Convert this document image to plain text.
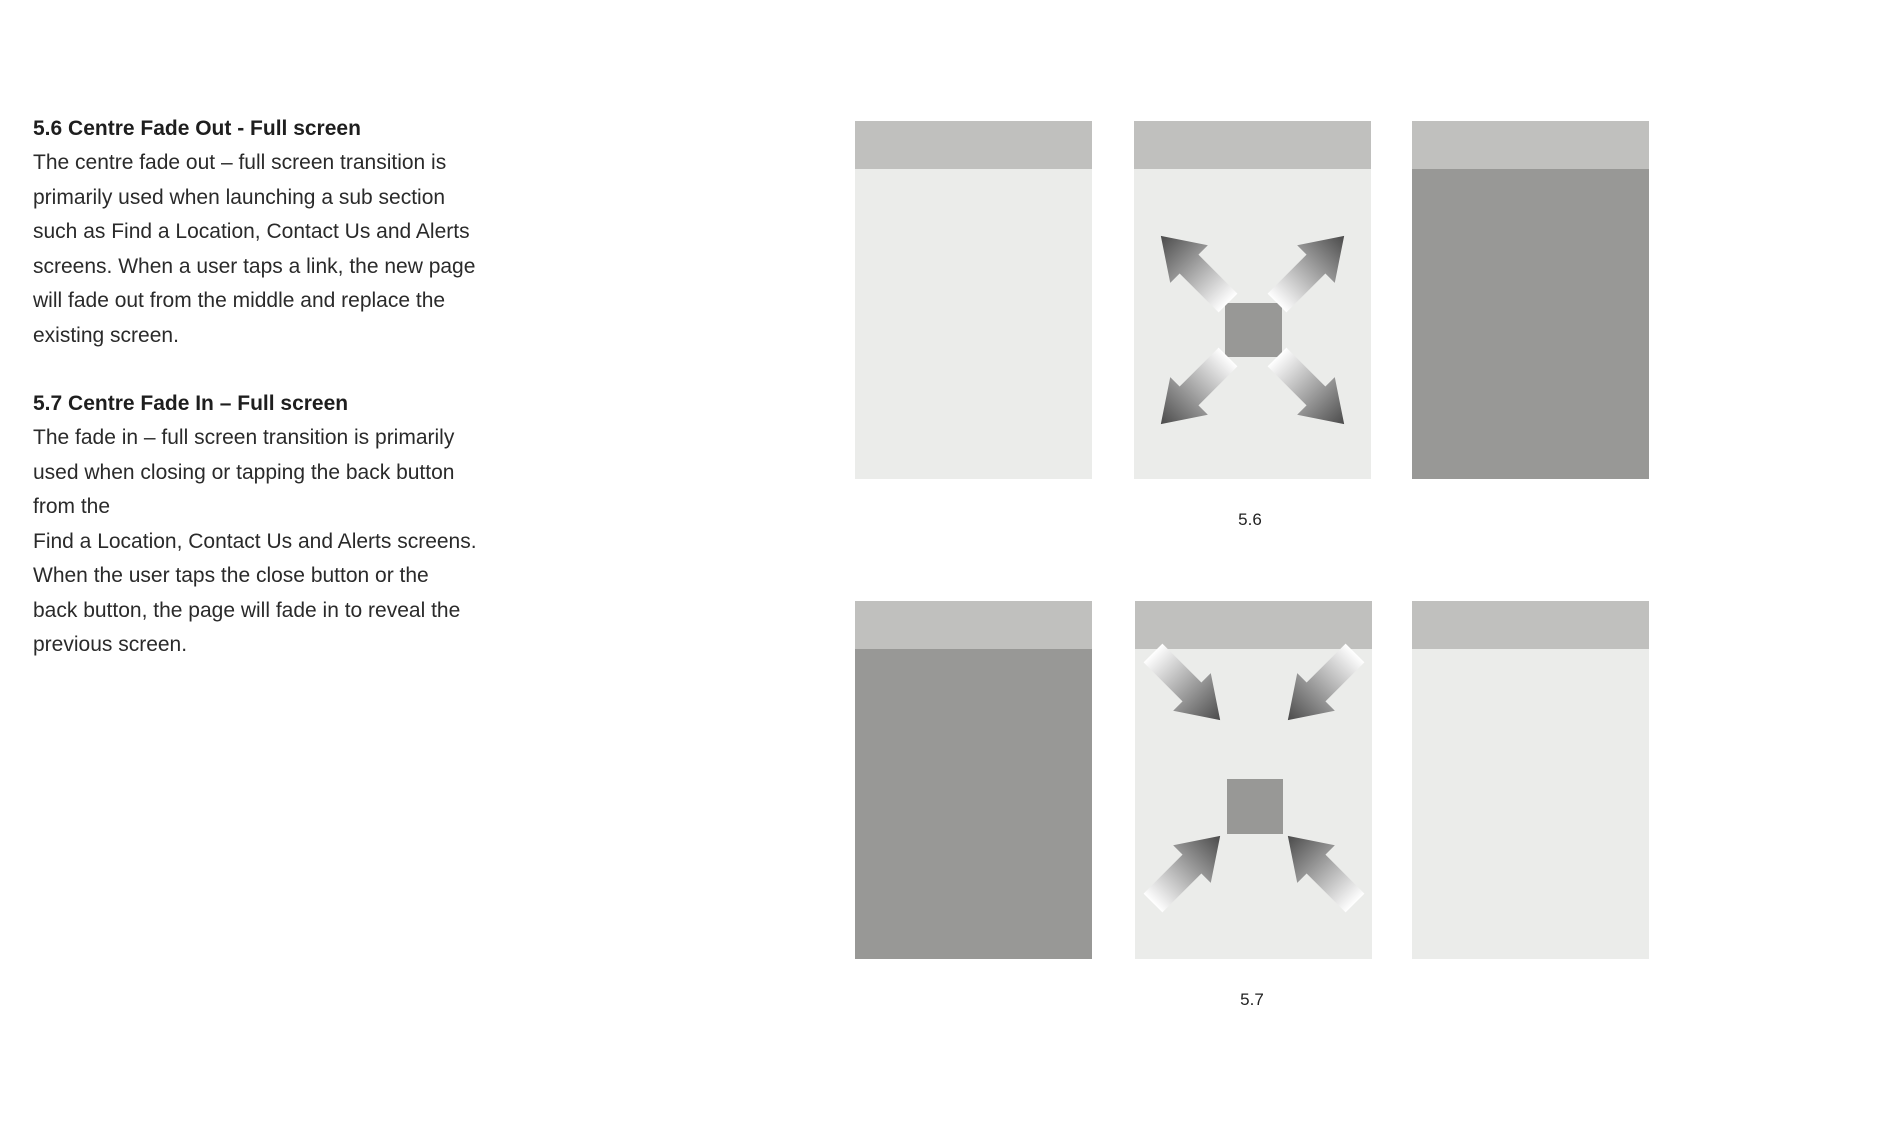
5.6 Centre Fade Out - Full screen

The centre fade out – full screen transition is
primarily used when launching a sub section
such as Find a Location, Contact Us and Alerts
screens. When a user taps a link, the new page
will fade out from the middle and replace the
existing screen.

5.7 Centre Fade In – Full screen

The fade in – full screen transition is primarily
used when closing or tapping the back button
from the
Find a Location, Contact Us and Alerts screens.
When the user taps the close button or the
back button, the page will fade in to reveal the
previous screen.

5.6
5.7
